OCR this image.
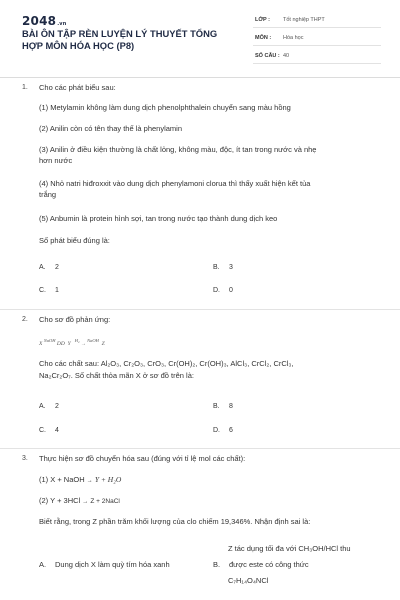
2048.vn
BÀI ÔN TẬP RÈN LUYỆN LÝ THUYẾT TỔNG HỢP MÔN HÓA HỌC (P8)
LỚP : Tốt nghiệp THPT
MÔN : Hóa học
SỐ CÂU : 40
1. Cho các phát biểu sau:
(1) Metylamin không làm dung dịch phenolphthalein chuyển sang màu hồng
(2) Anilin còn có tên thay thế là phenylamin
(3) Anilin ở điều kiện thường là chất lỏng, không màu, độc, ít tan trong nước và nhẹ
hơn nước
(4) Nhỏ natri hiđroxxit vào dung dịch phenylamoni clorua thì thấy xuất hiện kết tủa
trắng
(5) Anbumin là protein hình sợi, tan trong nước tạo thành dung dịch keo
Số phát biểu đúng là:
A. 2	B. 3
C. 1	D. 0
2. Cho sơ đồ phản ứng:
X $^{NaOH}$ DD Y   $^{H_2}$ → $^{NaOH}$  Z
Cho các chất sau: Al₂O₃, Cr₂O₃, CrO₃, Cr(OH)₂, Cr(OH)₃, AlCl₃, CrCl₂, CrCl₃,
Na₂Cr₂O₇. Số chất thỏa mãn X ở sơ đồ trên là:
A. 2	B. 8
C. 4	D. 6
3. Thực hiện sơ đồ chuyển hóa sau (đúng với tỉ lệ mol các chất):
(1) X + NaOH → Y + H₂O
(2) Y + 3HCl → Z + 2NaCl
Biết rằng, trong Z phần trăm khối lượng của clo chiếm 19,346%. Nhận định sai là:
Z tác dụng tối đa với CH₃OH/HCl thu
A. Dung dịch X làm quỳ tím hóa xanh	B. được este có công thức
C₇H₁₄O₄NCl
